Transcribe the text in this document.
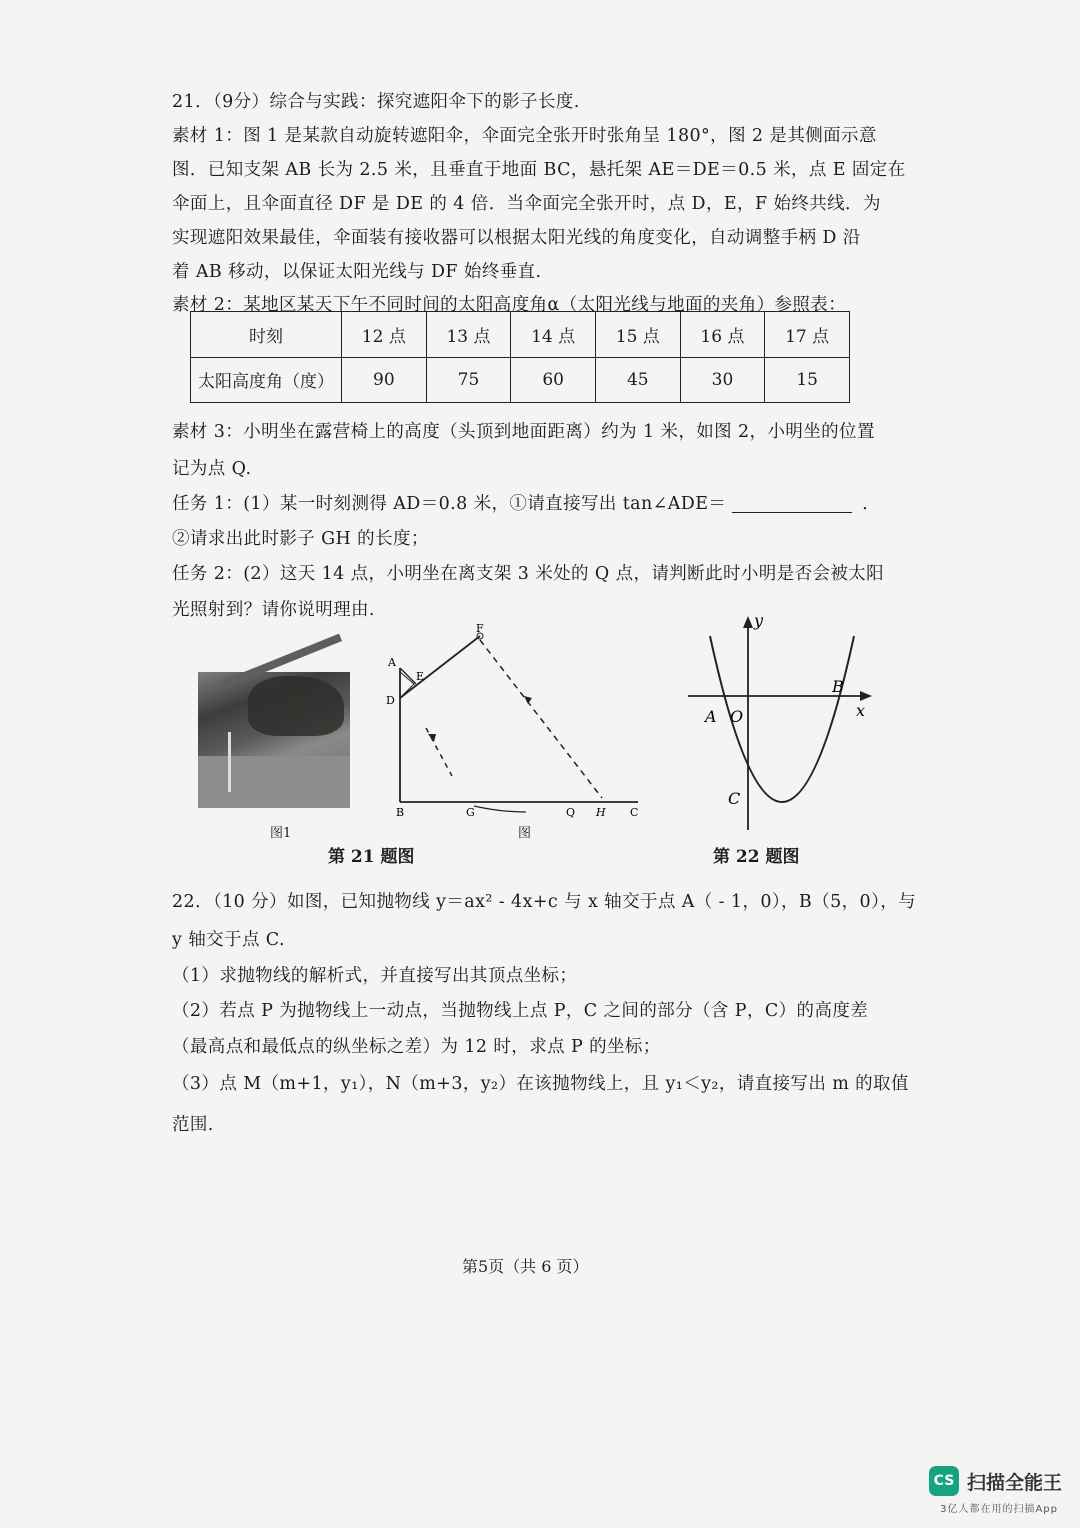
21．（9分）综合与实践：探究遮阳伞下的影子长度.
素材 1：图 1 是某款自动旋转遮阳伞，伞面完全张开时张角呈 180°，图 2 是其侧面示意
图．已知支架 AB 长为 2.5 米，且垂直于地面 BC，悬托架 AE＝DE＝0.5 米，点 E 固定在
伞面上，且伞面直径 DF 是 DE 的 4 倍．当伞面完全张开时，点 D，E，F 始终共线．为
实现遮阳效果最佳，伞面装有接收器可以根据太阳光线的角度变化，自动调整手柄 D 沿
着 AB 移动，以保证太阳光线与 DF 始终垂直.
素材 2：某地区某天下午不同时间的太阳高度角α（太阳光线与地面的夹角）参照表：
时刻	12 点	13 点	14 点	15 点	16 点	17 点
太阳高度角（度）	90	75	60	45	30	15
素材 3：小明坐在露营椅上的高度（头顶到地面距离）约为 1 米，如图 2，小明坐的位置
记为点 Q.
任务 1：(1）某一时刻测得 AD＝0.8 米，①请直接写出 tan∠ADE＝	．
②请求出此时影子 GH 的长度；
任务 2：(2）这天 14 点，小明坐在离支架 3 米处的 Q 点，请判断此时小明是否会被太阳
光照射到？请你说明理由.
图1
A
E
D
F
B	G	Q H C
图
第 21 题图
y
x
A O
B
C
第 22 题图
22．（10 分）如图，已知抛物线 y＝ax² - 4x+c 与 x 轴交于点 A（ - 1，0），B（5，0），与
y 轴交于点 C.
（1）求抛物线的解析式，并直接写出其顶点坐标；
（2）若点 P 为抛物线上一动点，当抛物线上点 P，C 之间的部分（含 P，C）的高度差
（最高点和最低点的纵坐标之差）为 12 时，求点 P 的坐标；
（3）点 M（m+1，y₁），N（m+3，y₂）在该抛物线上，且 y₁＜y₂，请直接写出 m 的取值
范围.
第5页（共 6 页）
CS 扫描全能王
3亿人都在用的扫描App
